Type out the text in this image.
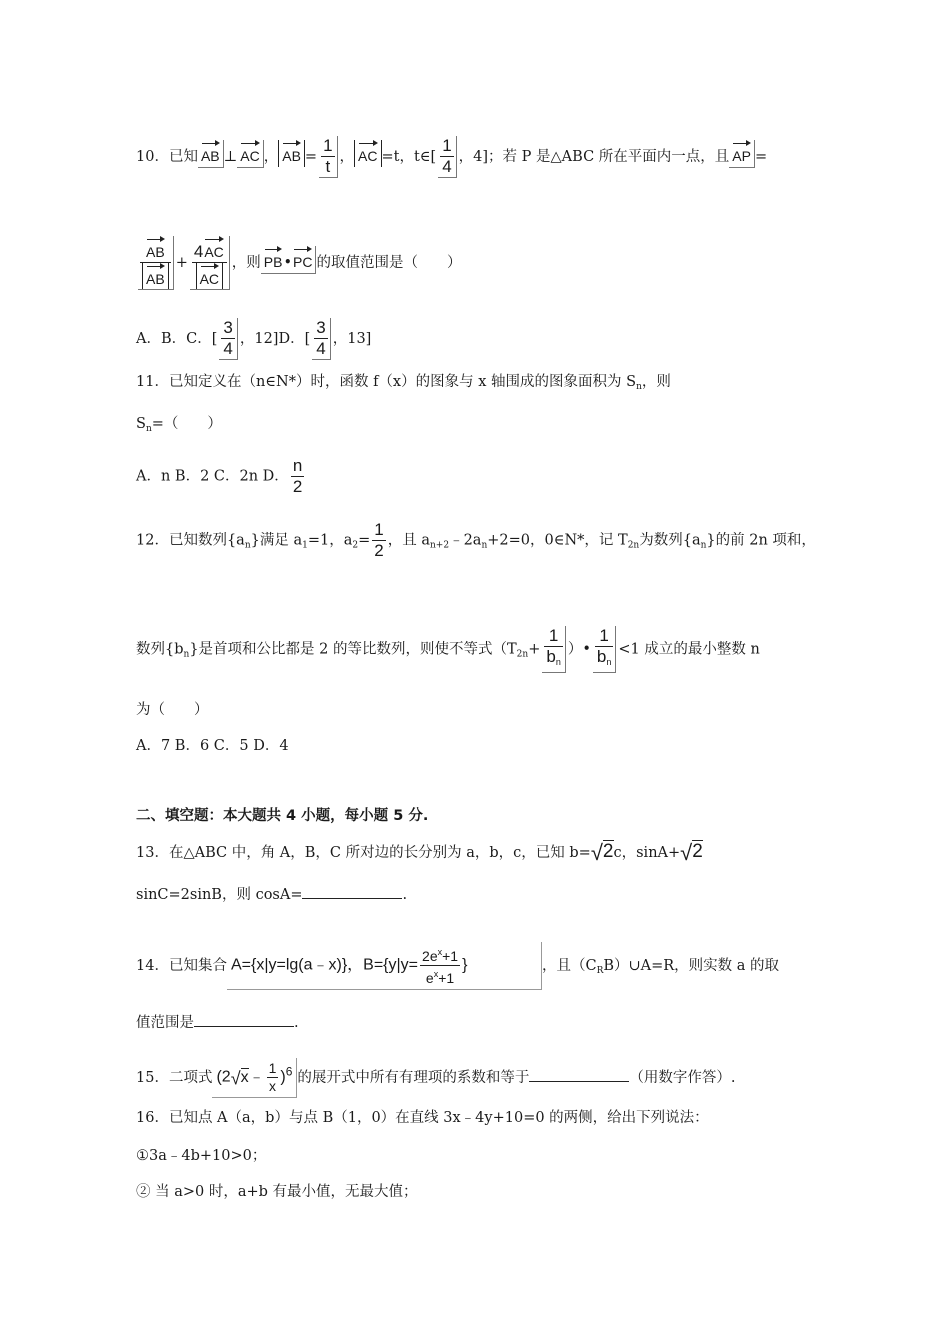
10．已知 AB ⊥ AC ， AB = $\frac{1}{t}$ ， AC =t，t∈[ $\frac{1}{4}$ ，4]；若 P 是△ABC 所在平面内一点，且 AP =
$\frac{AB}{AB} + \frac{4AC}{AC}$ ，则 PB•PC 的取值范围是（　　）
A．B．C．[ $\frac{3}{4}$ ，12]D．[ $\frac{3}{4}$ ，13]
11．已知定义在（n∈N*）时，函数 f（x）的图象与 x 轴围成的图象面积为 $S_n$，则
$S_n=$（　　）
A．n B．2 C．2n D． $\frac{n}{2}$
12．已知数列$\{a_n\}$满足 $a_1=1$，$a_2= \frac{1}{2}$ ，且 $a_{n+2}﹣2a_n+2=0$，0∈N*，记 $T_{2n}$为数列$\{a_n\}$的前 2n 项和，
数列$\{b_n\}$是首项和公比都是 2 的等比数列，则使不等式（$T_{2n}+ \frac{1}{b_n}$ ）• $\frac{1}{b_n} <1$ 成立的最小整数 n
为（　　）
A．7 B．6 C．5 D．4
二、填空题：本大题共 4 小题，每小题 5 分.
13．在△ABC 中，角 A，B，C 所对边的长分别为 a，b，c，已知 b=√2c，sinA+√2
sinC=2sinB，则 cosA=	.
14．已知集合 A={x|y=lg(a﹣x)}，$B=\{y|y= \frac{2e^x+1}{e^x+1}$ }	，且$(C_RB)\cup A=R$，则实数 a 的取
值范围是	.
15．二项式 (2√x﹣ $\frac{1}{x} )^6$ 的展开式中所有有理项的系数和等于	（用数字作答）.
16．已知点 A（a，b）与点 B（1，0）在直线 3x﹣4y+10=0 的两侧，给出下列说法：
①3a﹣4b+10>0；
② 当 a>0 时，a+b 有最小值，无最大值；
